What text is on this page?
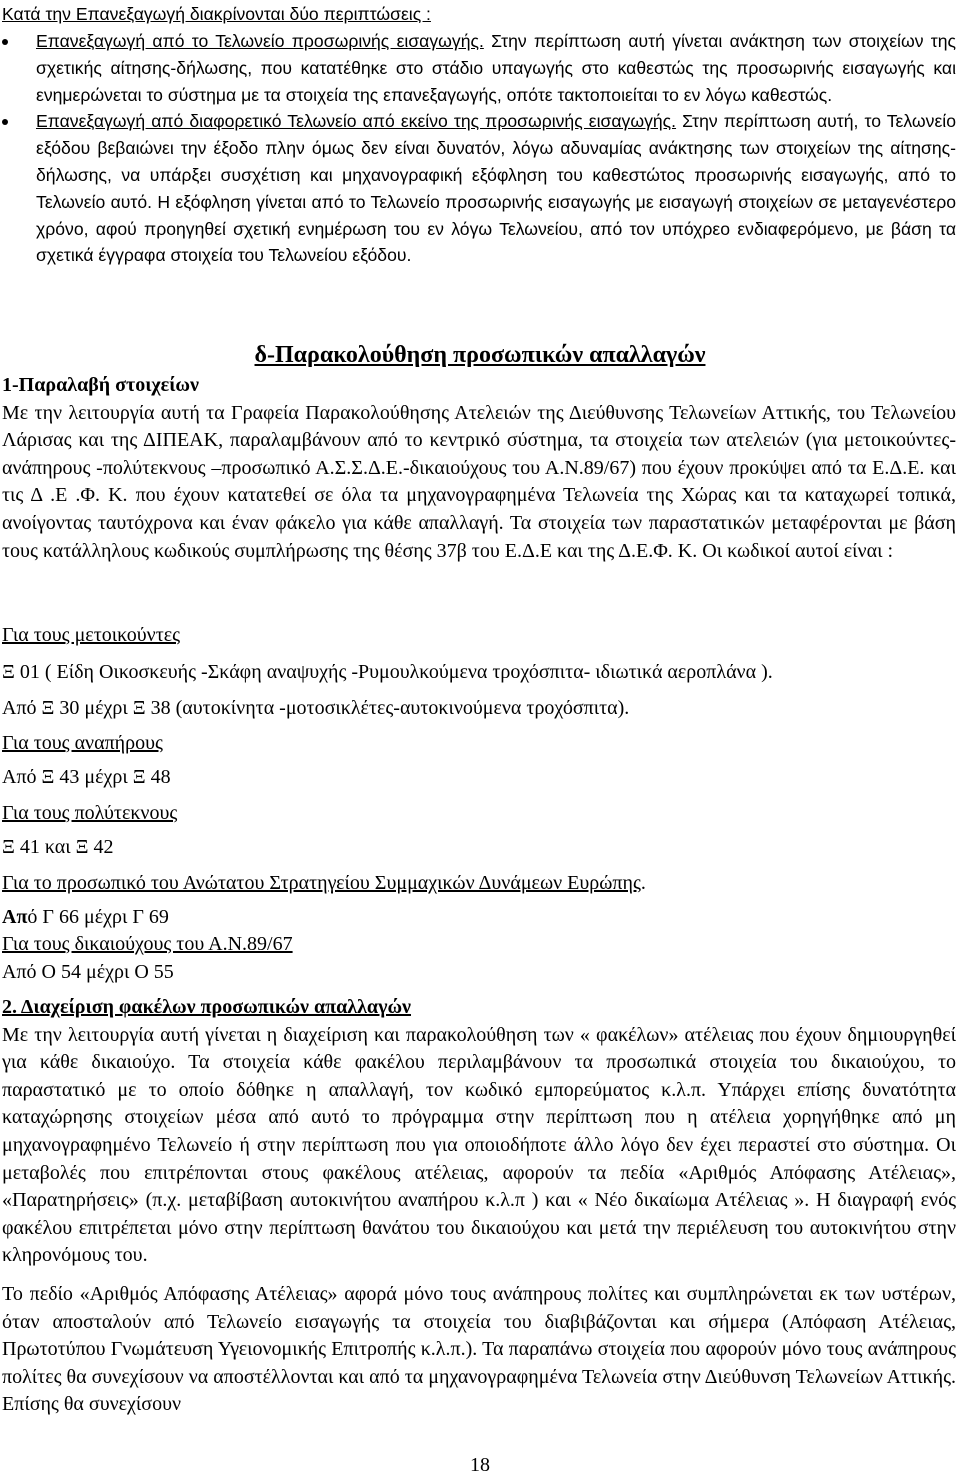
Κατά την Επανεξαγωγή διακρίνονται δύο περιπτώσεις :

Επανεξαγωγή από το Τελωνείο προσωρινής εισαγωγής. Στην περίπτωση αυτή γίνεται ανάκτηση των στοιχείων της σχετικής αίτησης-δήλωσης, που κατατέθηκε στο στάδιο υπαγωγής στο καθεστώς της προσωρινής εισαγωγής και ενημερώνεται το σύστημα με τα στοιχεία της επανεξαγωγής, οπότε τακτοποιείται το εν λόγω καθεστώς.
Επανεξαγωγή από διαφορετικό Τελωνείο από εκείνο της προσωρινής εισαγωγής. Στην περίπτωση αυτή, το Τελωνείο εξόδου βεβαιώνει την έξοδο πλην όμως δεν είναι δυνατόν, λόγω αδυναμίας ανάκτησης των στοιχείων της αίτησης-δήλωσης, να υπάρξει συσχέτιση και μηχανογραφική εξόφληση του καθεστώτος προσωρινής εισαγωγής, από το Τελωνείο αυτό. Η εξόφληση γίνεται από το Τελωνείο προσωρινής εισαγωγής με εισαγωγή στοιχείων σε μεταγενέστερο χρόνο, αφού προηγηθεί σχετική ενημέρωση του εν λόγω Τελωνείου, από τον υπόχρεο ενδιαφερόμενο, με βάση τα σχετικά έγγραφα στοιχεία του Τελωνείου εξόδου.
δ-Παρακολούθηση προσωπικών απαλλαγών

1-Παραλαβή στοιχείων

Με την λειτουργία αυτή τα Γραφεία Παρακολούθησης Ατελειών της Διεύθυνσης Τελωνείων Αττικής, του Τελωνείου Λάρισας και της ΔΙΠΕΑΚ, παραλαμβάνουν από το κεντρικό σύστημα, τα στοιχεία των ατελειών (για μετοικούντες-ανάπηρους -πολύτεκνους –προσωπικό Α.Σ.Σ.Δ.Ε.-δικαιούχους του Α.Ν.89/67) που έχουν προκύψει από τα Ε.Δ.Ε. και τις Δ .Ε .Φ. Κ. που έχουν κατατεθεί σε όλα τα μηχανογραφημένα Τελωνεία της Χώρας και τα καταχωρεί τοπικά, ανοίγοντας ταυτόχρονα και έναν φάκελο για κάθε απαλλαγή. Τα στοιχεία των παραστατικών μεταφέρονται με βάση τους κατάλληλους κωδικούς συμπλήρωσης της θέσης 37β του Ε.Δ.Ε και της Δ.Ε.Φ. Κ. Οι κωδικοί αυτοί είναι :

Για τους μετοικούντες

Ξ 01 ( Είδη Οικοσκευής -Σκάφη αναψυχής -Ρυμουλκούμενα τροχόσπιτα- ιδιωτικά αεροπλάνα ).

Από Ξ 30 μέχρι Ξ 38 (αυτοκίνητα -μοτοσικλέτες-αυτοκινούμενα τροχόσπιτα).

Για τους αναπήρους

Από Ξ 43 μέχρι Ξ 48

Για τους πολύτεκνους

Ξ 41 και Ξ 42

Για το προσωπικό του Ανώτατου Στρατηγείου Συμμαχικών Δυνάμεων Ευρώπης.

Από Γ 66 μέχρι Γ 69

Για τους δικαιούχους του Α.Ν.89/67

Από Ο 54 μέχρι Ο 55

2. Διαχείριση φακέλων προσωπικών απαλλαγών

Με την λειτουργία αυτή γίνεται η διαχείριση και παρακολούθηση των « φακέλων» ατέλειας που έχουν δημιουργηθεί για κάθε δικαιούχο. Τα στοιχεία κάθε φακέλου περιλαμβάνουν τα προσωπικά στοιχεία του δικαιούχου, το παραστατικό με το οποίο δόθηκε η απαλλαγή, τον κωδικό εμπορεύματος κ.λ.π. Υπάρχει επίσης δυνατότητα καταχώρησης στοιχείων μέσα από αυτό το πρόγραμμα στην περίπτωση που η ατέλεια χορηγήθηκε από μη μηχανογραφημένο Τελωνείο ή στην περίπτωση που για οποιοδήποτε άλλο λόγο δεν έχει περαστεί στο σύστημα. Οι μεταβολές που επιτρέπονται στους φακέλους ατέλειας, αφορούν τα πεδία «Αριθμός Απόφασης Ατέλειας», «Παρατηρήσεις» (π.χ. μεταβίβαση αυτοκινήτου αναπήρου κ.λ.π ) και « Νέο δικαίωμα Ατέλειας ». Η διαγραφή ενός φακέλου επιτρέπεται μόνο στην περίπτωση θανάτου του δικαιούχου και μετά την περιέλευση του αυτοκινήτου στην κληρονόμους του.

Το πεδίο «Αριθμός Απόφασης Ατέλειας» αφορά μόνο τους ανάπηρους πολίτες και συμπληρώνεται εκ των υστέρων, όταν αποσταλούν από Τελωνείο εισαγωγής τα στοιχεία του διαβιβάζονται και σήμερα (Απόφαση Ατέλειας, Πρωτοτύπου Γνωμάτευση Υγειονομικής Επιτροπής κ.λ.π.). Τα παραπάνω στοιχεία που αφορούν μόνο τους ανάπηρους πολίτες θα συνεχίσουν να αποστέλλονται και από τα μηχανογραφημένα Τελωνεία στην Διεύθυνση Τελωνείων Αττικής. Επίσης θα συνεχίσουν

18
